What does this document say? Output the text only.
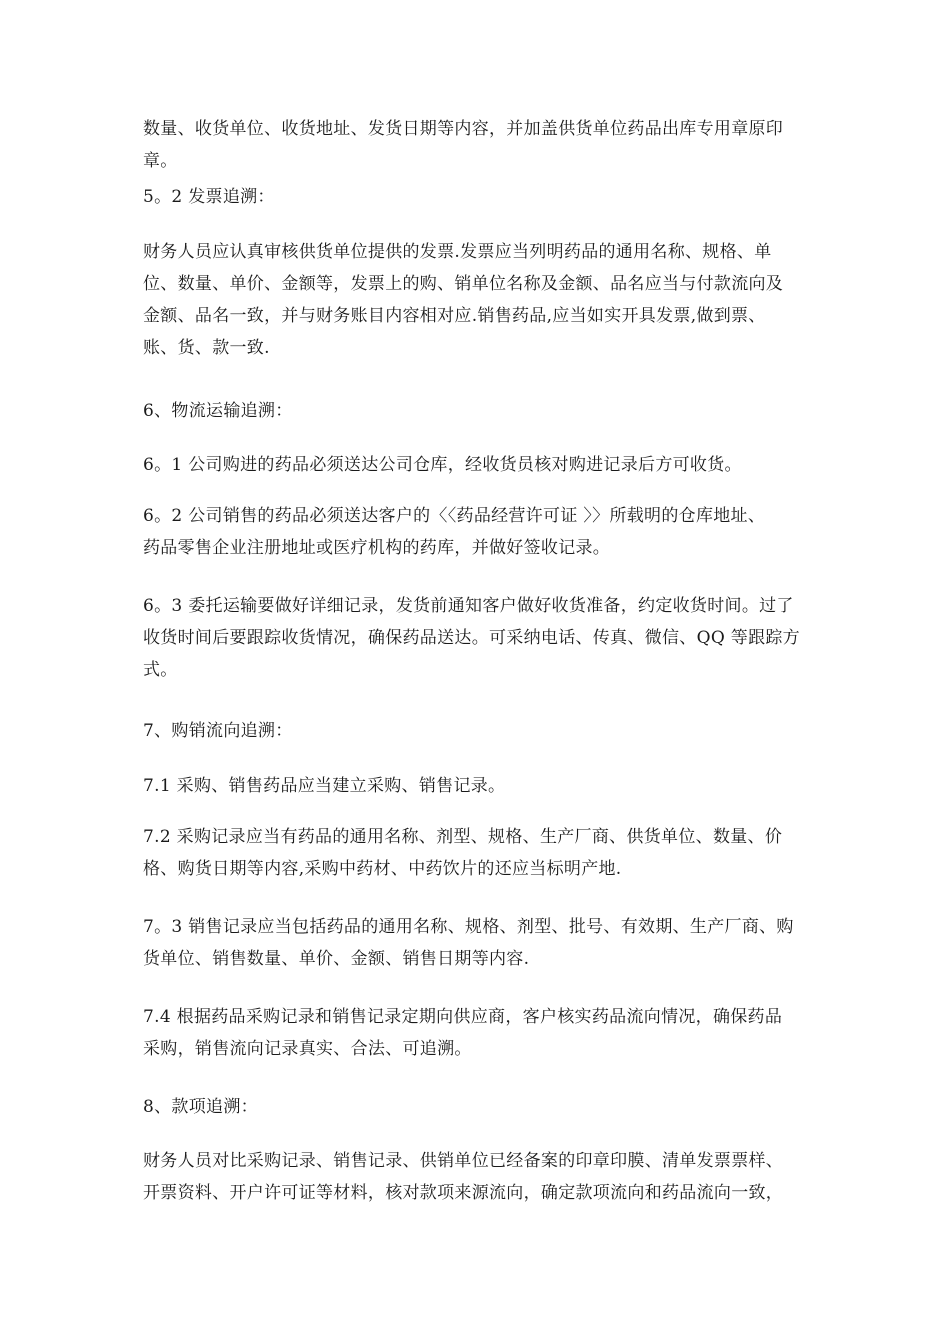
数量、收货单位、收货地址、发货日期等内容，并加盖供货单位药品出库专用章原印
章。

5。2 发票追溯：

财务人员应认真审核供货单位提供的发票.发票应当列明药品的通用名称、规格、单
位、数量、单价、金额等，发票上的购、销单位名称及金额、品名应当与付款流向及
金额、品名一致，并与财务账目内容相对应.销售药品,应当如实开具发票,做到票、
账、货、款一致.

6、物流运输追溯：

6。1 公司购进的药品必须送达公司仓库，经收货员核对购进记录后方可收货。

6。2 公司销售的药品必须送达客户的〈〈药品经营许可证 〉〉所载明的仓库地址、
药品零售企业注册地址或医疗机构的药库，并做好签收记录。

6。3 委托运输要做好详细记录，发货前通知客户做好收货准备，约定收货时间。过了
收货时间后要跟踪收货情况，确保药品送达。可采纳电话、传真、微信、QQ 等跟踪方
式。

7、购销流向追溯：

7.1 采购、销售药品应当建立采购、销售记录。

7.2 采购记录应当有药品的通用名称、剂型、规格、生产厂商、供货单位、数量、价
格、购货日期等内容,采购中药材、中药饮片的还应当标明产地.

7。3 销售记录应当包括药品的通用名称、规格、剂型、批号、有效期、生产厂商、购
货单位、销售数量、单价、金额、销售日期等内容.

7.4 根据药品采购记录和销售记录定期向供应商，客户核实药品流向情况，确保药品
采购，销售流向记录真实、合法、可追溯。

8、款项追溯：

财务人员对比采购记录、销售记录、供销单位已经备案的印章印膜、清单发票票样、
开票资料、开户许可证等材料，核对款项来源流向，确定款项流向和药品流向一致，
